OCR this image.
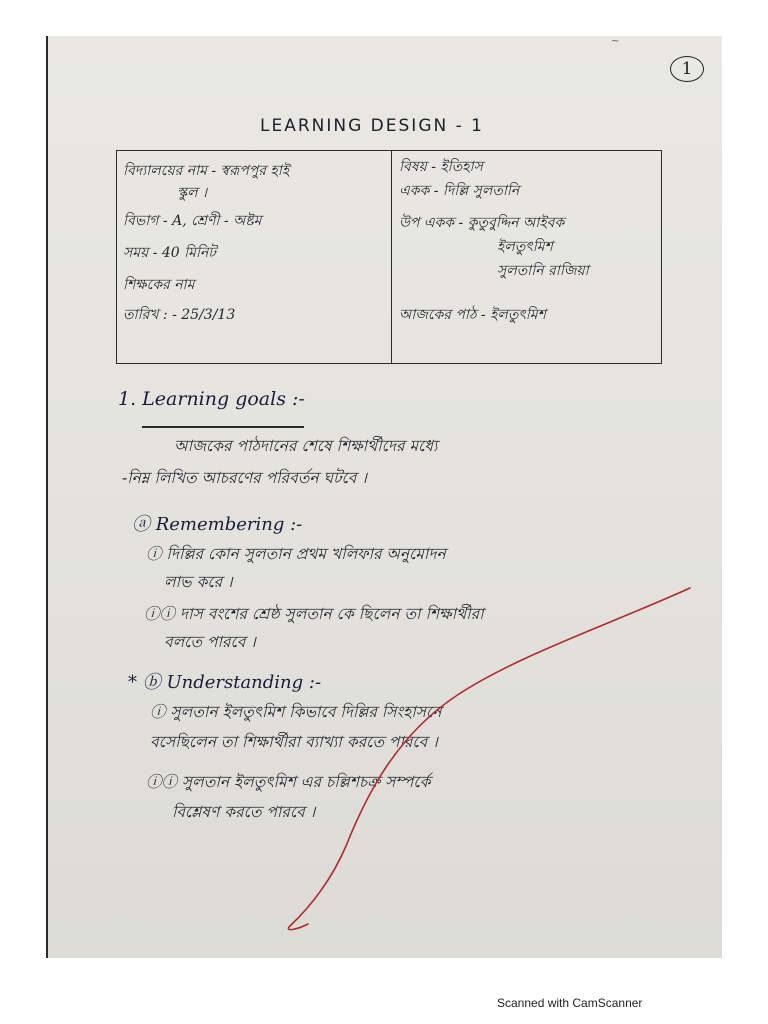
~
1
LEARNING DESIGN - 1
বিদ্যালয়ের নাম - স্বরূপপুর হাই
স্কুল ।
বিভাগ - A, শ্রেণী - অষ্টম
সময় - 40 মিনিট
শিক্ষকের নাম
তারিখ : - 25/3/13
বিষয় - ইতিহাস
একক - দিল্লি সুলতানি
উপ একক - কুতুবুদ্দিন আইবক
ইলতুৎমিশ
সুলতানি রাজিয়া
আজকের পাঠ - ইলতুৎমিশ
1. Learning goals :-
আজকের পাঠদানের শেষে শিক্ষার্থীদের মধ্যে
-নিম্ন লিখিত আচরণের পরিবর্তন ঘটবে ।
ⓐ Remembering :-
ⓘ দিল্লির কোন সুলতান প্রথম খলিফার অনুমোদন
লাভ করে ।
ⓘⓘ দাস বংশের শ্রেষ্ঠ সুলতান কে ছিলেন তা শিক্ষার্থীরা
বলতে পারবে ।
* ⓑ Understanding :-
ⓘ সুলতান ইলতুৎমিশ কিভাবে দিল্লির সিংহাসনে
বসেছিলেন তা শিক্ষার্থীরা ব্যাখ্যা করতে পারবে ।
ⓘⓘ সুলতান ইলতুৎমিশ এর চল্লিশচক্র সম্পর্কে
বিশ্লেষণ করতে পারবে ।
Scanned with CamScanner
